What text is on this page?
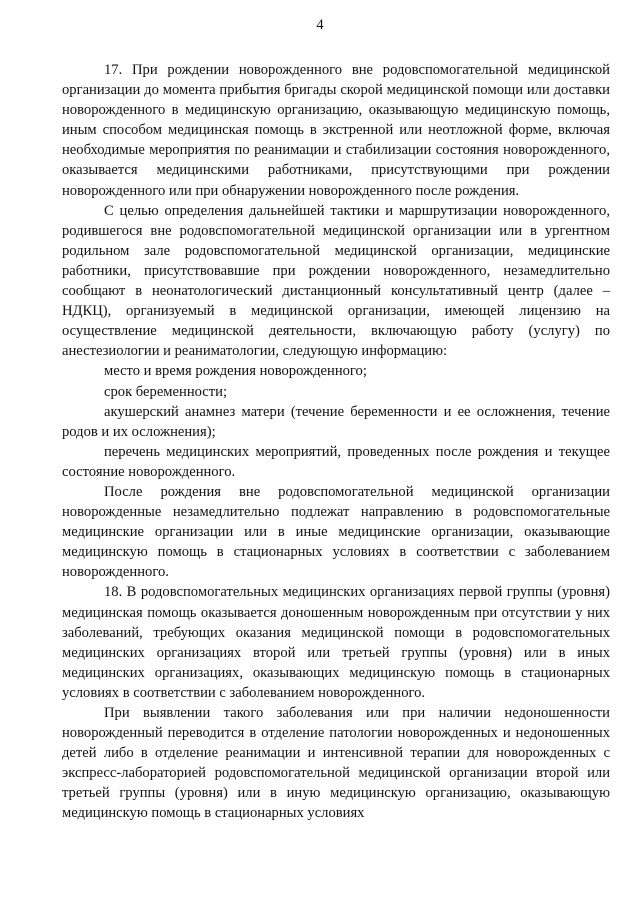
4

17. При рождении новорожденного вне родовспомогательной медицинской организации до момента прибытия бригады скорой медицинской помощи или доставки новорожденного в медицинскую организацию, оказывающую медицинскую помощь, иным способом медицинская помощь в экстренной или неотложной форме, включая необходимые мероприятия по реанимации и стабилизации состояния новорожденного, оказывается медицинскими работниками, присутствующими при рождении новорожденного или при обнаружении новорожденного после рождения.

С целью определения дальнейшей тактики и маршрутизации новорожденного, родившегося вне родовспомогательной медицинской организации или в ургентном родильном зале родовспомогательной медицинской организации, медицинские работники, присутствовавшие при рождении новорожденного, незамедлительно сообщают в неонатологический дистанционный консультативный центр (далее – НДКЦ), организуемый в медицинской организации, имеющей лицензию на осуществление медицинской деятельности, включающую работу (услугу) по анестезиологии и реаниматологии, следующую информацию:

место и время рождения новорожденного;

срок беременности;

акушерский анамнез матери (течение беременности и ее осложнения, течение родов и их осложнения);

перечень медицинских мероприятий, проведенных после рождения и текущее состояние новорожденного.

После рождения вне родовспомогательной медицинской организации новорожденные незамедлительно подлежат направлению в родовспомогательные медицинские организации или в иные медицинские организации, оказывающие медицинскую помощь в стационарных условиях в соответствии с заболеванием новорожденного.

18. В родовспомогательных медицинских организациях первой группы (уровня) медицинская помощь оказывается доношенным новорожденным при отсутствии у них заболеваний, требующих оказания медицинской помощи в родовспомогательных медицинских организациях второй или третьей группы (уровня) или в иных медицинских организациях, оказывающих медицинскую помощь в стационарных условиях в соответствии с заболеванием новорожденного.

При выявлении такого заболевания или при наличии недоношенности новорожденный переводится в отделение патологии новорожденных и недоношенных детей либо в отделение реанимации и интенсивной терапии для новорожденных с экспресс-лабораторией родовспомогательной медицинской организации второй или третьей группы (уровня) или в иную медицинскую организацию, оказывающую медицинскую помощь в стационарных условиях
